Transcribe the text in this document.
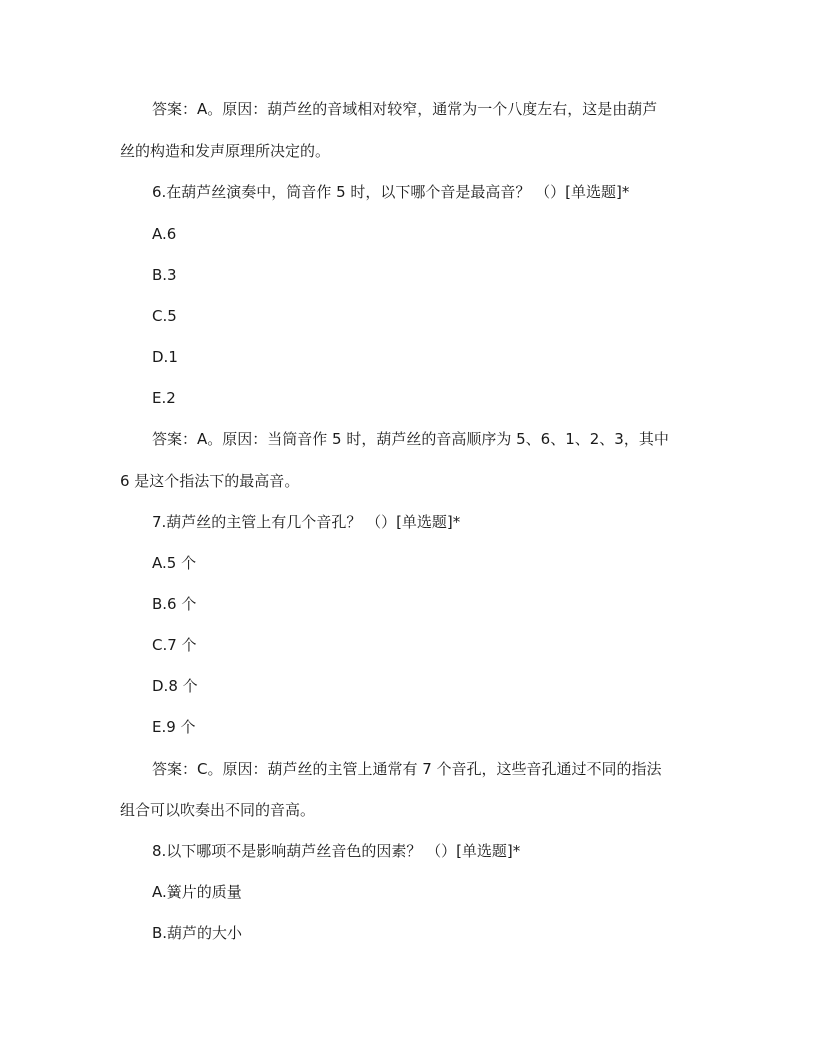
答案：A。原因：葫芦丝的音域相对较窄，通常为一个八度左右，这是由葫芦
丝的构造和发声原理所决定的。
6.在葫芦丝演奏中，筒音作 5 时，以下哪个音是最高音？ （）[单选题]*
A.6
B.3
C.5
D.1
E.2
答案：A。原因：当筒音作 5 时，葫芦丝的音高顺序为 5、6、1、2、3，其中
6 是这个指法下的最高音。
7.葫芦丝的主管上有几个音孔？ （）[单选题]*
A.5 个
B.6 个
C.7 个
D.8 个
E.9 个
答案：C。原因：葫芦丝的主管上通常有 7 个音孔，这些音孔通过不同的指法
组合可以吹奏出不同的音高。
8.以下哪项不是影响葫芦丝音色的因素？ （）[单选题]*
A.簧片的质量
B.葫芦的大小
